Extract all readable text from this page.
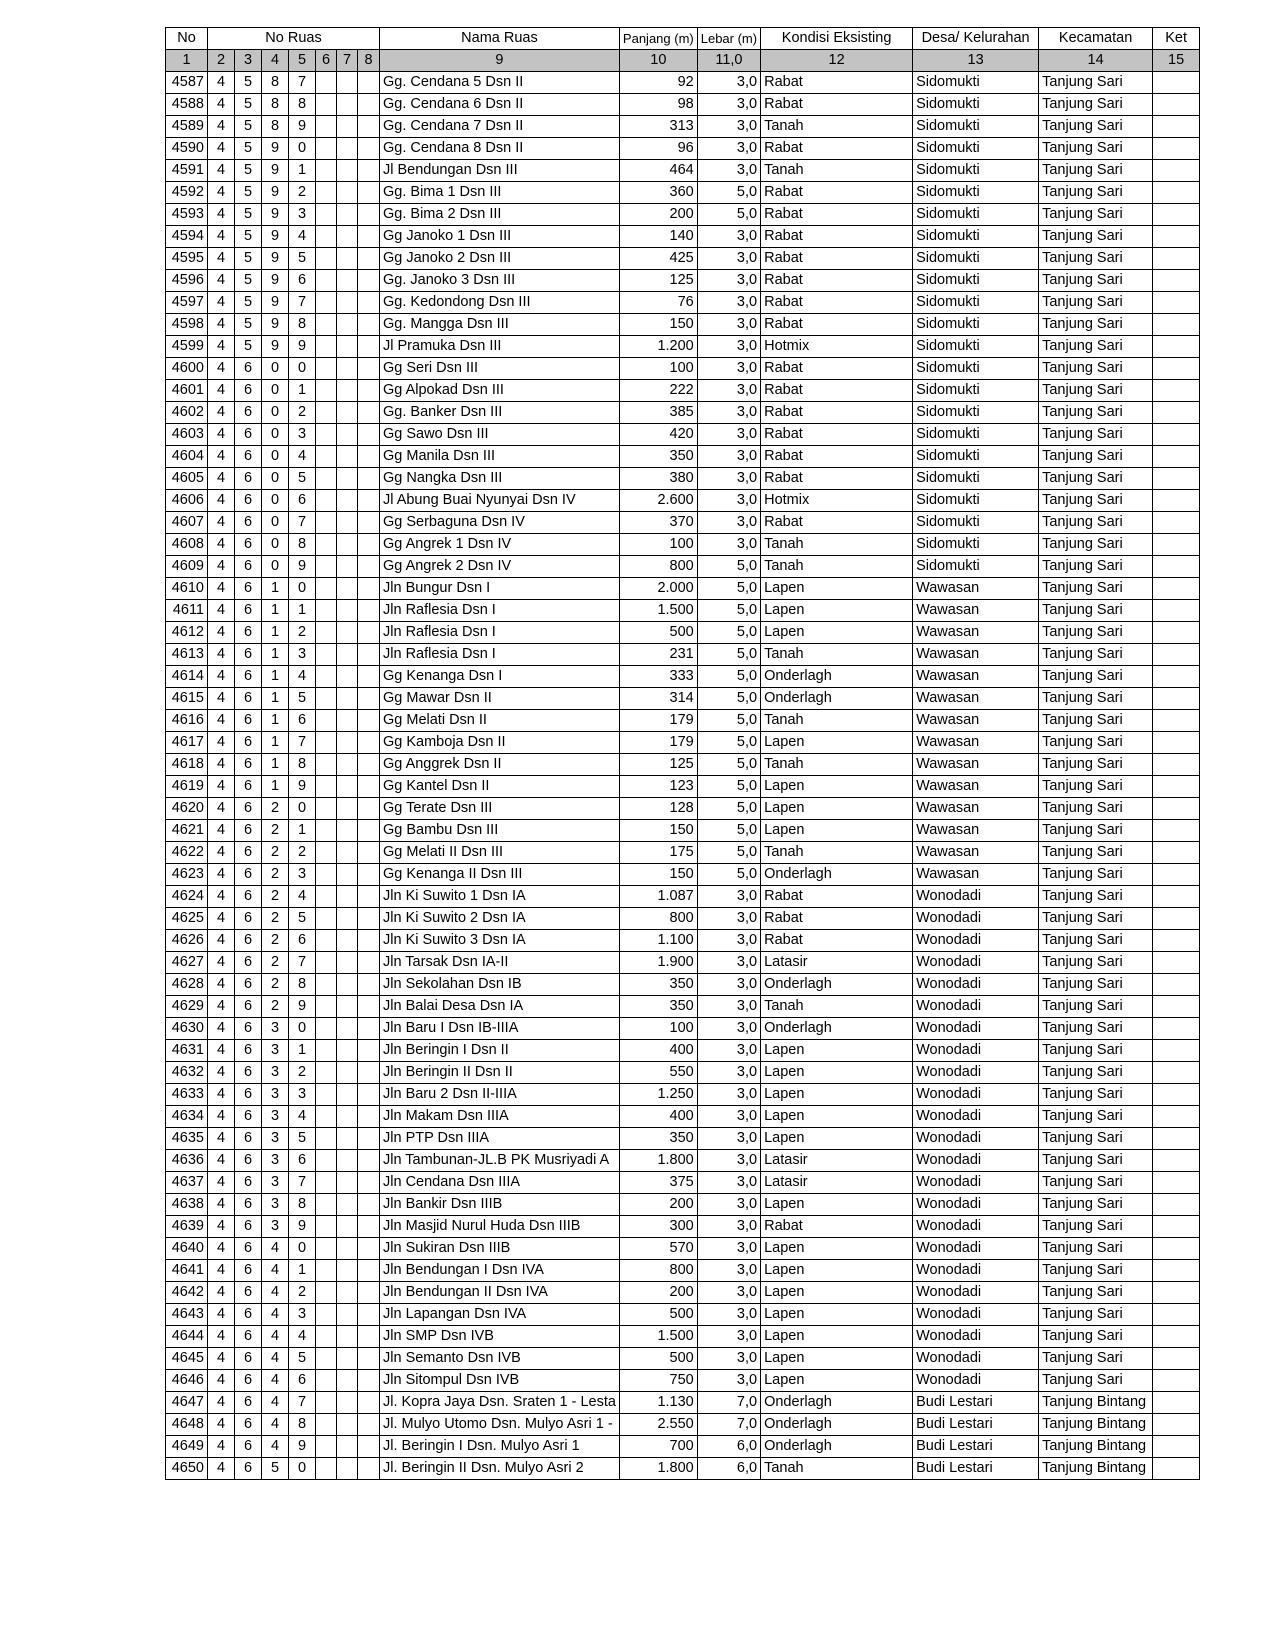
No	No Ruas							Nama Ruas	Panjang (m)	Lebar (m)	Kondisi Eksisting	Desa/ Kelurahan	Kecamatan	Ket
1	2	3	4	5	6	7	8	9	10	11,0	12	13	14	15
4587	4	5	8	7				Gg. Cendana 5 Dsn II	92	3,0	Rabat	Sidomukti	Tanjung Sari	
4588	4	5	8	8				Gg. Cendana 6 Dsn II	98	3,0	Rabat	Sidomukti	Tanjung Sari	
4589	4	5	8	9				Gg. Cendana 7 Dsn II	313	3,0	Tanah	Sidomukti	Tanjung Sari	
4590	4	5	9	0				Gg. Cendana 8 Dsn II	96	3,0	Rabat	Sidomukti	Tanjung Sari	
4591	4	5	9	1				Jl Bendungan Dsn III	464	3,0	Tanah	Sidomukti	Tanjung Sari	
4592	4	5	9	2				Gg. Bima 1 Dsn III	360	5,0	Rabat	Sidomukti	Tanjung Sari	
4593	4	5	9	3				Gg. Bima 2 Dsn III	200	5,0	Rabat	Sidomukti	Tanjung Sari	
4594	4	5	9	4				Gg Janoko 1 Dsn III	140	3,0	Rabat	Sidomukti	Tanjung Sari	
4595	4	5	9	5				Gg Janoko 2 Dsn III	425	3,0	Rabat	Sidomukti	Tanjung Sari	
4596	4	5	9	6				Gg. Janoko 3 Dsn III	125	3,0	Rabat	Sidomukti	Tanjung Sari	
4597	4	5	9	7				Gg. Kedondong Dsn III	76	3,0	Rabat	Sidomukti	Tanjung Sari	
4598	4	5	9	8				Gg. Mangga Dsn III	150	3,0	Rabat	Sidomukti	Tanjung Sari	
4599	4	5	9	9				Jl Pramuka Dsn III	1.200	3,0	Hotmix	Sidomukti	Tanjung Sari	
4600	4	6	0	0				Gg Seri Dsn III	100	3,0	Rabat	Sidomukti	Tanjung Sari	
4601	4	6	0	1				Gg Alpokad Dsn III	222	3,0	Rabat	Sidomukti	Tanjung Sari	
4602	4	6	0	2				Gg. Banker Dsn III	385	3,0	Rabat	Sidomukti	Tanjung Sari	
4603	4	6	0	3				Gg Sawo Dsn III	420	3,0	Rabat	Sidomukti	Tanjung Sari	
4604	4	6	0	4				Gg Manila Dsn III	350	3,0	Rabat	Sidomukti	Tanjung Sari	
4605	4	6	0	5				Gg Nangka Dsn III	380	3,0	Rabat	Sidomukti	Tanjung Sari	
4606	4	6	0	6				Jl Abung Buai Nyunyai Dsn IV	2.600	3,0	Hotmix	Sidomukti	Tanjung Sari	
4607	4	6	0	7				Gg Serbaguna Dsn IV	370	3,0	Rabat	Sidomukti	Tanjung Sari	
4608	4	6	0	8				Gg Angrek 1 Dsn IV	100	3,0	Tanah	Sidomukti	Tanjung Sari	
4609	4	6	0	9				Gg Angrek 2 Dsn IV	800	5,0	Tanah	Sidomukti	Tanjung Sari	
4610	4	6	1	0				Jln Bungur Dsn I	2.000	5,0	Lapen	Wawasan	Tanjung Sari	
4611	4	6	1	1				Jln Raflesia Dsn I	1.500	5,0	Lapen	Wawasan	Tanjung Sari	
4612	4	6	1	2				Jln Raflesia Dsn I	500	5,0	Lapen	Wawasan	Tanjung Sari	
4613	4	6	1	3				Jln Raflesia Dsn I	231	5,0	Tanah	Wawasan	Tanjung Sari	
4614	4	6	1	4				Gg Kenanga Dsn I	333	5,0	Onderlagh	Wawasan	Tanjung Sari	
4615	4	6	1	5				Gg Mawar Dsn II	314	5,0	Onderlagh	Wawasan	Tanjung Sari	
4616	4	6	1	6				Gg Melati Dsn II	179	5,0	Tanah	Wawasan	Tanjung Sari	
4617	4	6	1	7				Gg Kamboja Dsn II	179	5,0	Lapen	Wawasan	Tanjung Sari	
4618	4	6	1	8				Gg Anggrek Dsn II	125	5,0	Tanah	Wawasan	Tanjung Sari	
4619	4	6	1	9				Gg Kantel Dsn II	123	5,0	Lapen	Wawasan	Tanjung Sari	
4620	4	6	2	0				Gg Terate Dsn III	128	5,0	Lapen	Wawasan	Tanjung Sari	
4621	4	6	2	1				Gg Bambu Dsn III	150	5,0	Lapen	Wawasan	Tanjung Sari	
4622	4	6	2	2				Gg Melati II Dsn III	175	5,0	Tanah	Wawasan	Tanjung Sari	
4623	4	6	2	3				Gg Kenanga II Dsn III	150	5,0	Onderlagh	Wawasan	Tanjung Sari	
4624	4	6	2	4				Jln Ki Suwito 1 Dsn IA	1.087	3,0	Rabat	Wonodadi	Tanjung Sari	
4625	4	6	2	5				Jln Ki Suwito 2 Dsn IA	800	3,0	Rabat	Wonodadi	Tanjung Sari	
4626	4	6	2	6				Jln Ki Suwito 3 Dsn IA	1.100	3,0	Rabat	Wonodadi	Tanjung Sari	
4627	4	6	2	7				Jln Tarsak Dsn IA-II	1.900	3,0	Latasir	Wonodadi	Tanjung Sari	
4628	4	6	2	8				Jln Sekolahan Dsn IB	350	3,0	Onderlagh	Wonodadi	Tanjung Sari	
4629	4	6	2	9				Jln Balai Desa Dsn IA	350	3,0	Tanah	Wonodadi	Tanjung Sari	
4630	4	6	3	0				Jln Baru I Dsn IB-IIIA	100	3,0	Onderlagh	Wonodadi	Tanjung Sari	
4631	4	6	3	1				Jln Beringin I Dsn II	400	3,0	Lapen	Wonodadi	Tanjung Sari	
4632	4	6	3	2				Jln Beringin II Dsn II	550	3,0	Lapen	Wonodadi	Tanjung Sari	
4633	4	6	3	3				Jln Baru 2 Dsn II-IIIA	1.250	3,0	Lapen	Wonodadi	Tanjung Sari	
4634	4	6	3	4				Jln Makam Dsn IIIA	400	3,0	Lapen	Wonodadi	Tanjung Sari	
4635	4	6	3	5				Jln PTP Dsn IIIA	350	3,0	Lapen	Wonodadi	Tanjung Sari	
4636	4	6	3	6				Jln Tambunan-JL.B PK Musriyadi A	1.800	3,0	Latasir	Wonodadi	Tanjung Sari	
4637	4	6	3	7				Jln Cendana Dsn IIIA	375	3,0	Latasir	Wonodadi	Tanjung Sari	
4638	4	6	3	8				Jln Bankir Dsn IIIB	200	3,0	Lapen	Wonodadi	Tanjung Sari	
4639	4	6	3	9				Jln Masjid Nurul Huda Dsn IIIB	300	3,0	Rabat	Wonodadi	Tanjung Sari	
4640	4	6	4	0				Jln Sukiran Dsn IIIB	570	3,0	Lapen	Wonodadi	Tanjung Sari	
4641	4	6	4	1				Jln Bendungan I Dsn IVA	800	3,0	Lapen	Wonodadi	Tanjung Sari	
4642	4	6	4	2				Jln Bendungan II Dsn IVA	200	3,0	Lapen	Wonodadi	Tanjung Sari	
4643	4	6	4	3				Jln Lapangan Dsn IVA	500	3,0	Lapen	Wonodadi	Tanjung Sari	
4644	4	6	4	4				Jln SMP Dsn IVB	1.500	3,0	Lapen	Wonodadi	Tanjung Sari	
4645	4	6	4	5				Jln Semanto Dsn IVB	500	3,0	Lapen	Wonodadi	Tanjung Sari	
4646	4	6	4	6				Jln Sitompul Dsn IVB	750	3,0	Lapen	Wonodadi	Tanjung Sari	
4647	4	6	4	7				Jl. Kopra Jaya Dsn. Sraten 1 - Lesta	1.130	7,0	Onderlagh	Budi Lestari	Tanjung Bintang	
4648	4	6	4	8				Jl. Mulyo Utomo Dsn. Mulyo Asri 1 -	2.550	7,0	Onderlagh	Budi Lestari	Tanjung Bintang	
4649	4	6	4	9				Jl. Beringin I Dsn. Mulyo Asri 1	700	6,0	Onderlagh	Budi Lestari	Tanjung Bintang	
4650	4	6	5	0				Jl. Beringin II Dsn. Mulyo Asri 2	1.800	6,0	Tanah	Budi Lestari	Tanjung Bintang	
